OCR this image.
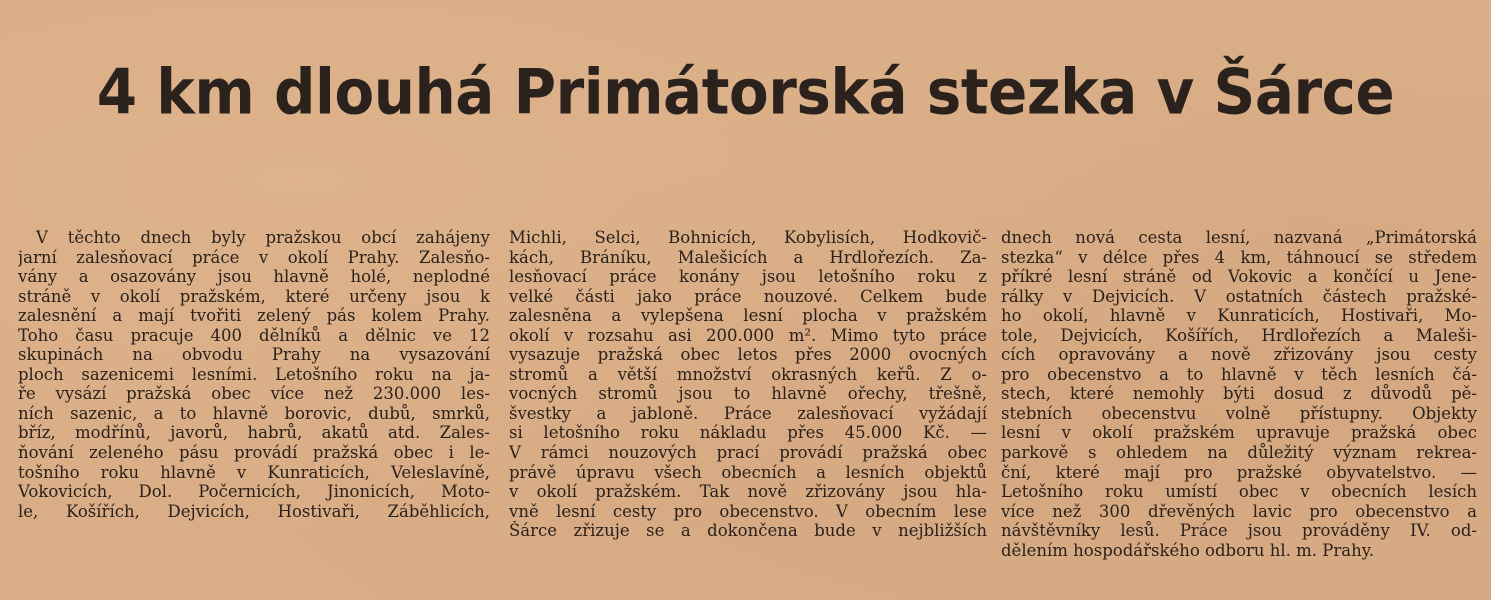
4 km dlouhá Primátorská stezka v Šárce
V těchto dnech byly pražskou obcí zahájeny
jarní zalesňovací práce v okolí Prahy. Zalesňo-
vány a osazovány jsou hlavně holé, neplodné
stráně v okolí pražském, které určeny jsou k
zalesnění a mají tvořiti zelený pás kolem Prahy.
Toho času pracuje 400 dělníků a dělnic ve 12
skupinách na obvodu Prahy na vysazování
ploch sazenicemi lesními. Letošního roku na ja-
ře vysází pražská obec více než 230.000 les-
ních sazenic, a to hlavně borovic, dubů, smrků,
bříz, modřínů, javorů, habrů, akatů atd. Zales-
ňování zeleného pásu provádí pražská obec i le-
tošního roku hlavně v Kunraticích, Veleslavíně,
Vokovicích, Dol. Počernicích, Jinonicích, Moto-
le, Košířích, Dejvicích, Hostivaři, Záběhlicích,
Michli, Selci, Bohnicích, Kobylisích, Hodkovič-
kách, Bráníku, Malešicích a Hrdlořezích. Za-
lesňovací práce konány jsou letošního roku z
velké části jako práce nouzové. Celkem bude
zalesněna a vylepšena lesní plocha v pražském
okolí v rozsahu asi 200.000 m². Mimo tyto práce
vysazuje pražská obec letos přes 2000 ovocných
stromů a větší množství okrasných keřů. Z o-
vocných stromů jsou to hlavně ořechy, třešně,
švestky a jabloně. Práce zalesňovací vyžádají
si letošního roku nákladu přes 45.000 Kč. —
V rámci nouzových prací provádí pražská obec
právě úpravu všech obecních a lesních objektů
v okolí pražském. Tak nově zřizovány jsou hla-
vně lesní cesty pro obecenstvo. V obecním lese
Šárce zřizuje se a dokončena bude v nejbližších
dnech nová cesta lesní, nazvaná „Primátorská
stezka“ v délce přes 4 km, táhnoucí se středem
příkré lesní stráně od Vokovic a končící u Jene-
rálky v Dejvicích. V ostatních částech pražské-
ho okolí, hlavně v Kunraticích, Hostivaři, Mo-
tole, Dejvicích, Košířích, Hrdlořezích a Maleši-
cích opravovány a nově zřizovány jsou cesty
pro obecenstvo a to hlavně v těch lesních čá-
stech, které nemohly býti dosud z důvodů pě-
stebních obecenstvu volně přístupny. Objekty
lesní v okolí pražském upravuje pražská obec
parkově s ohledem na důležitý význam rekrea-
ční, které mají pro pražské obyvatelstvo. —
Letošního roku umístí obec v obecních lesích
více než 300 dřevěných lavic pro obecenstvo a
návštěvníky lesů. Práce jsou prováděny IV. od-
dělením hospodářského odboru hl. m. Prahy.
